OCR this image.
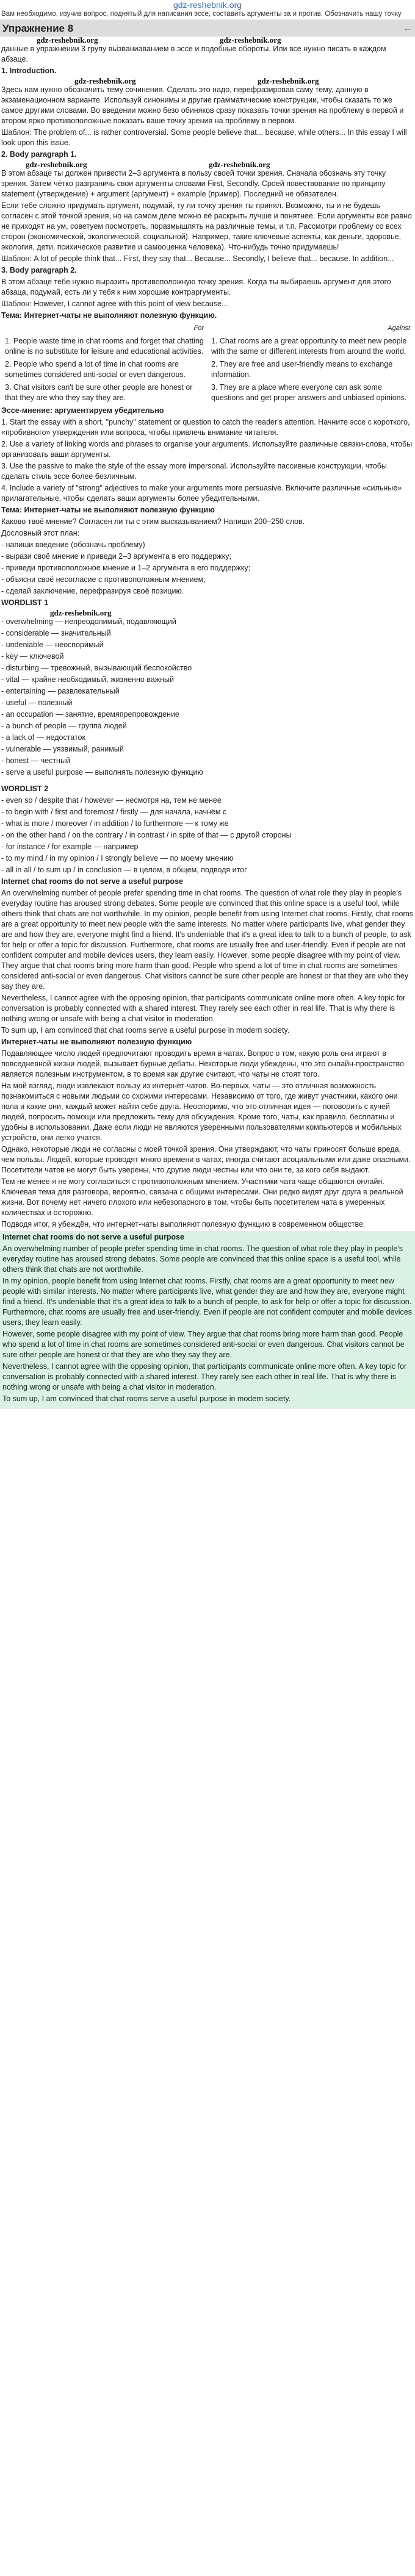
gdz-reshebnik.org
Вам необходимо, изучив вопрос, поднятый для написания эссе, составить аргументы за и против. Обозначить нашу точку
Упражнение 8	←
gdz-reshebnik.org	gdz-reshebnik.org
данные в упражнении 3 групу вьізваниаванием в эссе и подобные обороты. Или все нужно писать в каждом абзаце.
1. Introduction.
gdz-reshebnik.org	gdz-reshebnik.org
Здесь нам нужно обозначить тему сочинения. Сделать это надо, перефразировав саму тему, данную в экзаменационном варианте. Используй синонимы и другие грамматические конструкции, чтобы сказать то же самое другими словами. Во введении можно безо обиняков сразу показать точки зрения на проблему в первой и втором ярко противоположные показать ваше точку зрения на проблему в первом.
Шаблон: The problem of... is rather controversial. Some people believe that... because, while others... In this essay I will look upon this issue.
2. Body paragraph 1.
gdz-reshebnik.org	gdz-reshebnik.org
В этом абзаце ты должен привести 2–3 аргумента в пользу своей точки зрения. Сначала обозначь эту точку зрения. Затем чётко разграничь свои аргументы словами First, Secondly. Сроей повествование по принципу statement (утверждение) + argument (аргумент) + example (пример). Последний не обязателен.
Если тебе сложно придумать аргумент, подумай, ту ли точку зрения ты принял. Возможно, ты и не будешь согласен с этой точкой зрения, но на самом деле можно её раскрыть лучше и понятнее. Если аргументы все равно не приходят на ум, советуем посмотреть, поразмышлять на различные темы, и т.п. Рассмотри проблему со всех сторон (экономической, экологической, социальной). Например, такие ключевые аспекты, как деньги, здоровье, экология, дети, психическое развитие и самооценка человека). Что-нибудь точно придумаешь!
Шаблон: A lot of people think that... First, they say that... Because... Secondly, I believe that... because. In addition...
3. Body paragraph 2.
В этом абзаце тебе нужно выразить противоположную точку зрения. Когда ты выбираешь аргумент для этого абзаца, подумай, есть ли у тебя к ним хорошие контраргументы.
Шаблон: However, I cannot agree with this point of view because...
Тема: Интернет-чаты не выполняют полезную функцию.
For	Against
1. People waste time in chat rooms and forget that chatting online is no substitute for leisure and educational activities.	1. Chat rooms are a great opportunity to meet new people with the same or different interests from around the world.
2. People who spend a lot of time in chat rooms are sometimes considered anti-social or even dangerous.	2. They are free and user-friendly means to exchange information.
3. Chat visitors can't be sure other people are honest or that they are who they say they are.	3. They are a place where everyone can ask some questions and get proper answers and unbiased opinions.
Эссе-мнение: аргументируем убедительно
1. Start the essay with a short, "punchy" statement or question to catch the reader's attention. Начните эссе с короткого, «пробивного» утверждения или вопроса, чтобы привлечь внимание читателя.
2. Use a variety of linking words and phrases to organise your arguments. Используйте различные связки-слова, чтобы организовать ваши аргументы.
3. Use the passive to make the style of the essay more impersonal. Используйте пассивные конструкции, чтобы сделать стиль эссе более безличным.
4. Include a variety of "strong" adjectives to make your arguments more persuasive. Включите различные «сильные» прилагательные, чтобы сделать ваши аргументы более убедительными.
Тема: Интернет-чаты не выполняют полезную функцию
Каково твоё мнение? Согласен ли ты с этим высказыванием? Напиши 200–250 слов.
Дословный этот план:
- напиши введение (обозначь проблему)
- вырази своё мнение и приведи 2–3 аргумента в его поддержку;
- приведи противоположное мнение и 1–2 аргумента в его поддержку;
- объясни своё несогласие с противоположным мнением;
- сделай заключение, перефразируя своё позицию.
WORDLIST 1
gdz-reshebnik.org
- overwhelming — непреодолимый, подавляющий
- considerable — значительный
- undeniable — неоспоримый
- key — ключевой
- disturbing — тревожный, вызывающий беспокойство
- vital — крайне необходимый, жизненно важный
- entertaining — развлекательный
- useful — полезный
- an occupation — занятие, времяпрепровождение
- a bunch of people — группа людей
- a lack of — недостаток
- vulnerable — уязвимый, ранимый
- honest — честный
- serve a useful purpose — выполнять полезную функцию
WORDLIST 2
- even so / despite that / however — несмотря на, тем не менее
- to begin with / first and foremost / firstly — для начала, начнём с
- what is more / moreover / in addition / to furthermore — к тому же
- on the other hand / on the contrary / in contrast / in spite of that — с другой стороны
- for instance / for example — например
- to my mind / in my opinion / I strongly believe — по моему мнению
- all in all / to sum up / in conclusion — в целом, в общем, подводя итог
Internet chat rooms do not serve a useful purpose
An overwhelming number of people prefer spending time in chat rooms. The question of what role they play in people's everyday routine has aroused strong debates. Some people are convinced that this online space is a useful tool, while others think that chats are not worthwhile. In my opinion, people benefit from using Internet chat rooms. Firstly, chat rooms are a great opportunity to meet new people with the same interests. No matter where participants live, what gender they are and how they are, everyone might find a friend. It's undeniable that it's a great idea to talk to a bunch of people, to ask for help or offer a topic for discussion. Furthermore, chat rooms are usually free and user-friendly. Even if people are not confident computer and mobile devices users, they learn easily. However, some people disagree with my point of view. They argue that chat rooms bring more harm than good. People who spend a lot of time in chat rooms are sometimes considered anti-social or even dangerous. Chat visitors cannot be sure other people are honest or that they are who they say they are.
Nevertheless, I cannot agree with the opposing opinion, that participants communicate online more often. A key topic for conversation is probably connected with a shared interest. They rarely see each other in real life. That is why there is nothing wrong or unsafe with being a chat visitor in moderation.
To sum up, I am convinced that chat rooms serve a useful purpose in modern society.
Интернет-чаты не выполняют полезную функцию
Подавляющее число людей предпочитают проводить время в чатах. Вопрос о том, какую роль они играют в повседневной жизни людей, вызывает бурные дебаты. Некоторые люди убеждены, что это онлайн-пространство является полезным инструментом, в то время как другие считают, что чаты не стоят того.
На мой взгляд, люди извлекают пользу из интернет-чатов. Во-первых, чаты — это отличная возможность познакомиться с новыми людьми со схожими интересами. Независимо от того, где живут участники, какого они пола и какие они, каждый может найти себе друга. Неоспоримо, что это отличная идея — поговорить с кучей людей, попросить помощи или предложить тему для обсуждения. Кроме того, чаты, как правило, бесплатны и удобны в использовании. Даже если люди не являются уверенными пользователями компьютеров и мобильных устройств, они легко учатся.
Однако, некоторые люди не согласны с моей точкой зрения. Они утверждают, что чаты приносят больше вреда, чем пользы. Людей, которые проводят много времени в чатах, иногда считают асоциальными или даже опасными. Посетители чатов не могут быть уверены, что другие люди честны или что они те, за кого себя выдают.
Тем не менее я не могу согласиться с противоположным мнением. Участники чата чаще общаются онлайн. Ключевая тема для разговора, вероятно, связана с общими интересами. Они редко видят друг друга в реальной жизни. Вот почему нет ничего плохого или небезопасного в том, чтобы быть посетителем чата в умеренных количествах и осторожно.
Подводя итог, я убеждён, что интернет-чаты выполняют полезную функцию в современном обществе.
Internet chat rooms do not serve a useful purpose
An overwhelming number of people prefer spending time in chat rooms. The question of what role they play in people's everyday routine has aroused strong debates. Some people are convinced that this online space is a useful tool, while others think that chats are not worthwhile.
In my opinion, people benefit from using Internet chat rooms. Firstly, chat rooms are a great opportunity to meet new people with similar interests. No matter where participants live, what gender they are and how they are, everyone might find a friend. It's undeniable that it's a great idea to talk to a bunch of people, to ask for help or offer a topic for discussion. Furthermore, chat rooms are usually free and user-friendly. Even if people are not confident computer and mobile devices users, they learn easily.
However, some people disagree with my point of view. They argue that chat rooms bring more harm than good. People who spend a lot of time in chat rooms are sometimes considered anti-social or even dangerous. Chat visitors cannot be sure other people are honest or that they are who they say they are.
Nevertheless, I cannot agree with the opposing opinion, that participants communicate online more often. A key topic for conversation is probably connected with a shared interest. They rarely see each other in real life. That is why there is nothing wrong or unsafe with being a chat visitor in moderation.
To sum up, I am convinced that chat rooms serve a useful purpose in modern society.
